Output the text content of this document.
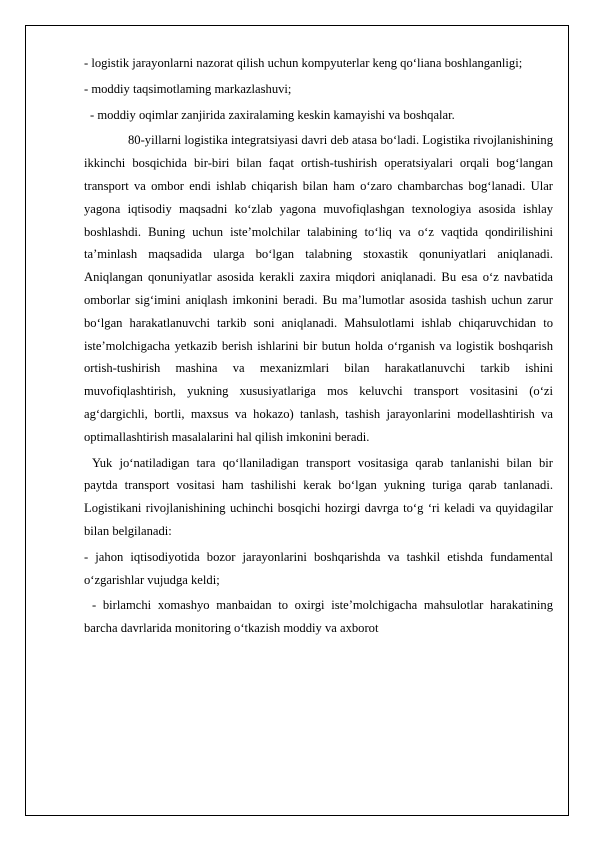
- logistik jarayonlarni nazorat qilish uchun kompyuterlar keng qo‘liana boshlanganligi;

- moddiy taqsimotlaming markazlashuvi;

- moddiy oqimlar zanjirida zaxiralaming keskin kamayishi va boshqalar.

80-yillarni logistika integratsiyasi davri deb atasa bo‘ladi. Logistika rivojlanishining ikkinchi bosqichida bir-biri bilan faqat ortish-tushirish operatsiyalari orqali bog‘langan transport va ombor endi ishlab chiqarish bilan ham o‘zaro chambarchas bog‘lanadi. Ular yagona iqtisodiy maqsadni ko‘zlab yagona muvofiqlashgan texnologiya asosida ishlay boshlashdi. Buning uchun iste’molchilar talabining to‘liq va o‘z vaqtida qondirilishini ta’minlash maqsadida ularga bo‘lgan talabning stoxastik qonuniyatlari aniqlanadi. Aniqlangan qonuniyatlar asosida kerakli zaxira miqdori aniqlanadi. Bu esa o‘z navbatida omborlar sig‘imini aniqlash imkonini beradi. Bu ma’lumotlar asosida tashish uchun zarur bo‘lgan harakatlanuvchi tarkib soni aniqlanadi. Mahsulotlami ishlab chiqaruvchidan to iste’molchigacha yetkazib berish ishlarini bir butun holda o‘rganish va logistik boshqarish ortish-tushirish mashina va mexanizmlari bilan harakatlanuvchi tarkib ishini muvofiqlashtirish, yukning xususiyatlariga mos keluvchi transport vositasini (o‘zi ag‘dargichli, bortli, maxsus va hokazo) tanlash, tashish jarayonlarini modellashtirish va optimallashtirish masalalarini hal qilish imkonini beradi.

Yuk jo‘natiladigan tara qo‘llaniladigan transport vositasiga qarab tanlanishi bilan bir paytda transport vositasi ham tashilishi kerak bo‘lgan yukning turiga qarab tanlanadi. Logistikani rivojlanishining uchinchi bosqichi hozirgi davrga to‘g ‘ri keladi va quyidagilar bilan belgilanadi:

- jahon iqtisodiyotida bozor jarayonlarini boshqarishda va tashkil etishda fundamental o‘zgarishlar vujudga keldi;

- birlamchi xomashyo manbaidan to oxirgi iste’molchigacha mahsulotlar harakatining barcha davrlarida monitoring o‘tkazish moddiy va axborot
